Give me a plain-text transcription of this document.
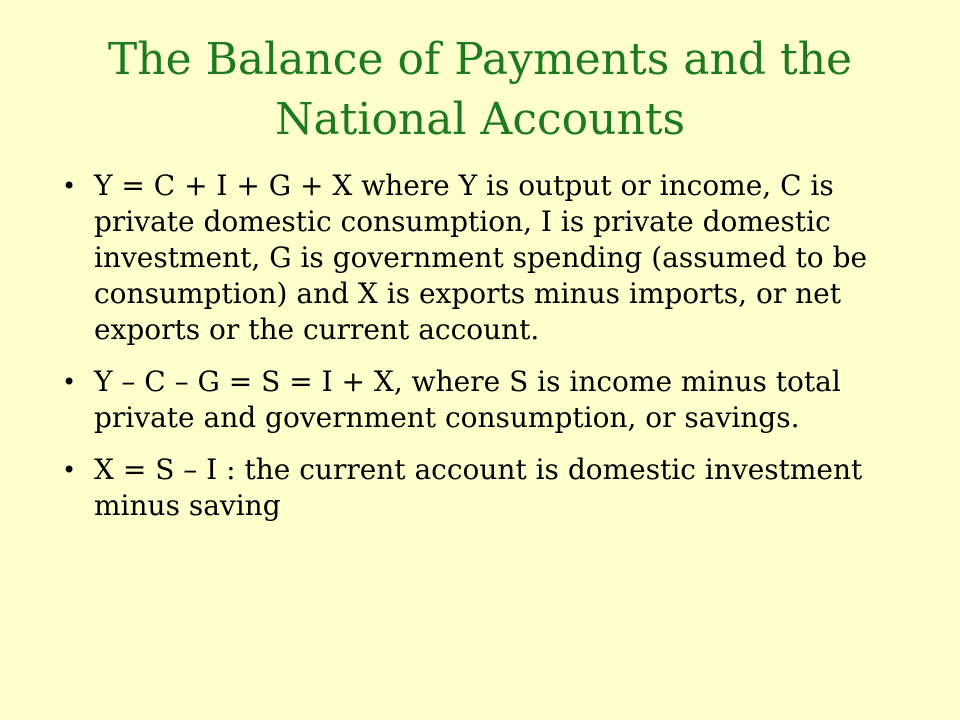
The Balance of Payments and the National Accounts
• Y = C + I + G + X where Y is output or income, C is private domestic consumption, I is private domestic investment, G is government spending (assumed to be consumption) and X is exports minus imports, or net exports or the current account.
• Y – C – G = S = I + X, where S is income minus total private and government consumption, or savings.
• X = S – I : the current account is domestic investment minus saving
